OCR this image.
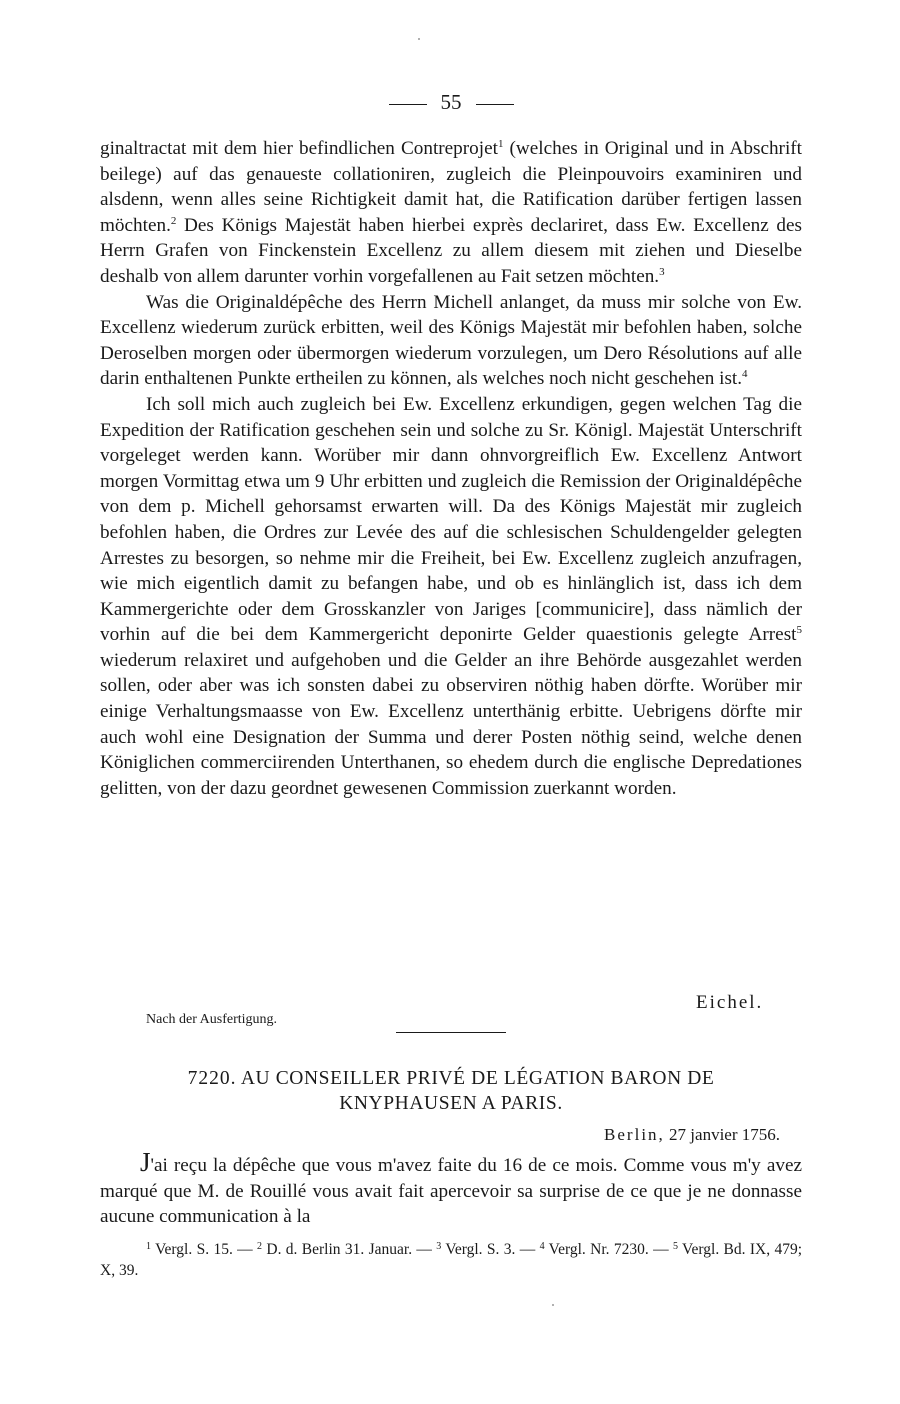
55

ginaltractat mit dem hier befindlichen Contreprojet$^1$ (welches in Original und in Abschrift beilege) auf das genaueste collationiren, zugleich die Pleinpouvoirs examiniren und alsdenn, wenn alles seine Richtigkeit damit hat, die Ratification darüber fertigen lassen möchten.$^2$ Des Königs Majestät haben hierbei exprès declariret, dass Ew. Excellenz des Herrn Grafen von Finckenstein Excellenz zu allem diesem mit ziehen und Dieselbe deshalb von allem darunter vorhin vorgefallenen au Fait setzen möchten.$^3$

Was die Originaldépêche des Herrn Michell anlanget, da muss mir solche von Ew. Excellenz wiederum zurück erbitten, weil des Königs Majestät mir befohlen haben, solche Deroselben morgen oder übermorgen wiederum vorzulegen, um Dero Résolutions auf alle darin enthaltenen Punkte ertheilen zu können, als welches noch nicht geschehen ist.$^4$

Ich soll mich auch zugleich bei Ew. Excellenz erkundigen, gegen welchen Tag die Expedition der Ratification geschehen sein und solche zu Sr. Königl. Majestät Unterschrift vorgeleget werden kann. Worüber mir dann ohnvorgreiflich Ew. Excellenz Antwort morgen Vormittag etwa um 9 Uhr erbitten und zugleich die Remission der Originaldépêche von dem p. Michell gehorsamst erwarten will. Da des Königs Majestät mir zugleich befohlen haben, die Ordres zur Levée des auf die schlesischen Schuldengelder gelegten Arrestes zu besorgen, so nehme mir die Freiheit, bei Ew. Excellenz zugleich anzufragen, wie mich eigentlich damit zu befangen habe, und ob es hinlänglich ist, dass ich dem Kammergerichte oder dem Grosskanzler von Jariges [communicire], dass nämlich der vorhin auf die bei dem Kammergericht deponirte Gelder quaestionis gelegte Arrest$^5$ wiederum relaxiret und aufgehoben und die Gelder an ihre Behörde ausgezahlet werden sollen, oder aber was ich sonsten dabei zu observiren nöthig haben dörfte. Worüber mir einige Verhaltungsmaasse von Ew. Excellenz unterthänig erbitte. Uebrigens dörfte mir auch wohl eine Designation der Summa und derer Posten nöthig seind, welche denen Königlichen commerciirenden Unterthanen, so ehedem durch die englische Depredationes gelitten, von der dazu geordnet gewesenen Commission zuerkannt worden.

Eichel.
Nach der Ausfertigung.
7220. AU CONSEILLER PRIVÉ DE LÉGATION BARON DE
KNYPHAUSEN A PARIS.
Berlin, 27 janvier 1756.

J'ai reçu la dépêche que vous m'avez faite du 16 de ce mois. Comme vous m'y avez marqué que M. de Rouillé vous avait fait apercevoir sa surprise de ce que je ne donnasse aucune communication à la

$^1$ Vergl. S. 15. — $^2$ D. d. Berlin 31. Januar. — $^3$ Vergl. S. 3. — $^4$ Vergl. Nr. 7230. — $^5$ Vergl. Bd. IX, 479; X, 39.
